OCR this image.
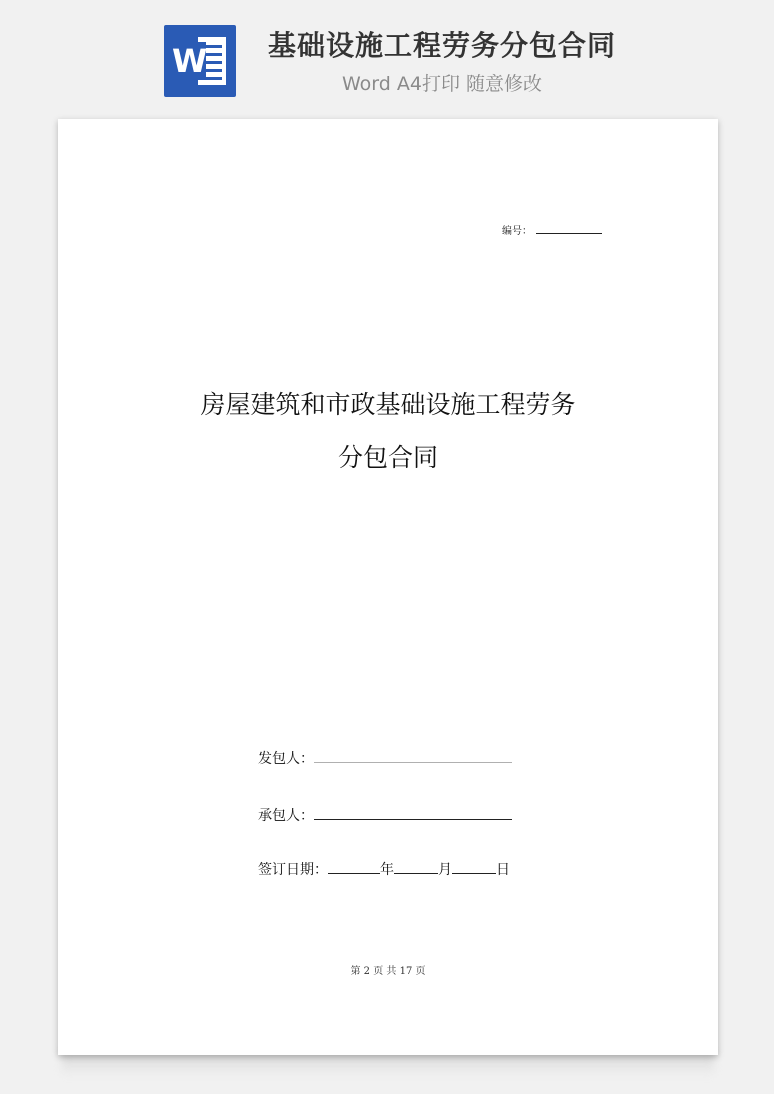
W	基础设施工程劳务分包合同
Word A4打印 随意修改
编号：
房屋建筑和市政基础设施工程劳务
分包合同
发包人：
承包人：
签订日期：	年	月	日
第 2 页 共 17 页
